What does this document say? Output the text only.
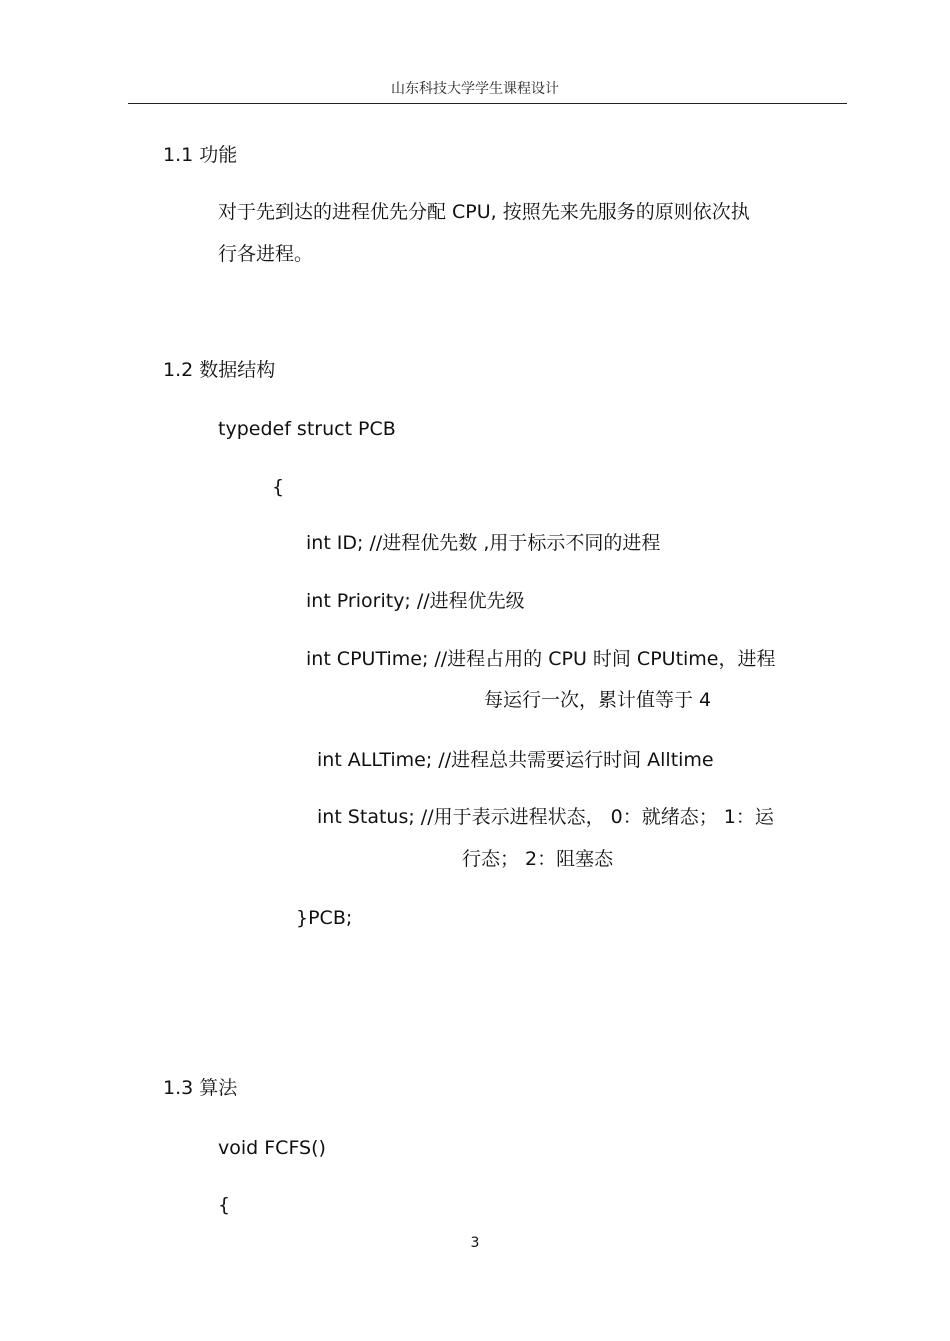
山东科技大学学生课程设计
1.1 功能
对于先到达的进程优先分配 CPU, 按照先来先服务的原则依次执
行各进程。
1.2 数据结构
typedef struct PCB
{
int ID; //进程优先数 ,用于标示不同的进程
int Priority; //进程优先级
int CPUTime; //进程占用的 CPU 时间 CPUtime，进程
每运行一次，累计值等于 4
int ALLTime; //进程总共需要运行时间 Alltime
int Status; //用于表示进程状态， 0：就绪态； 1：运
行态； 2：阻塞态
}PCB;
1.3 算法
void FCFS()
{
3
